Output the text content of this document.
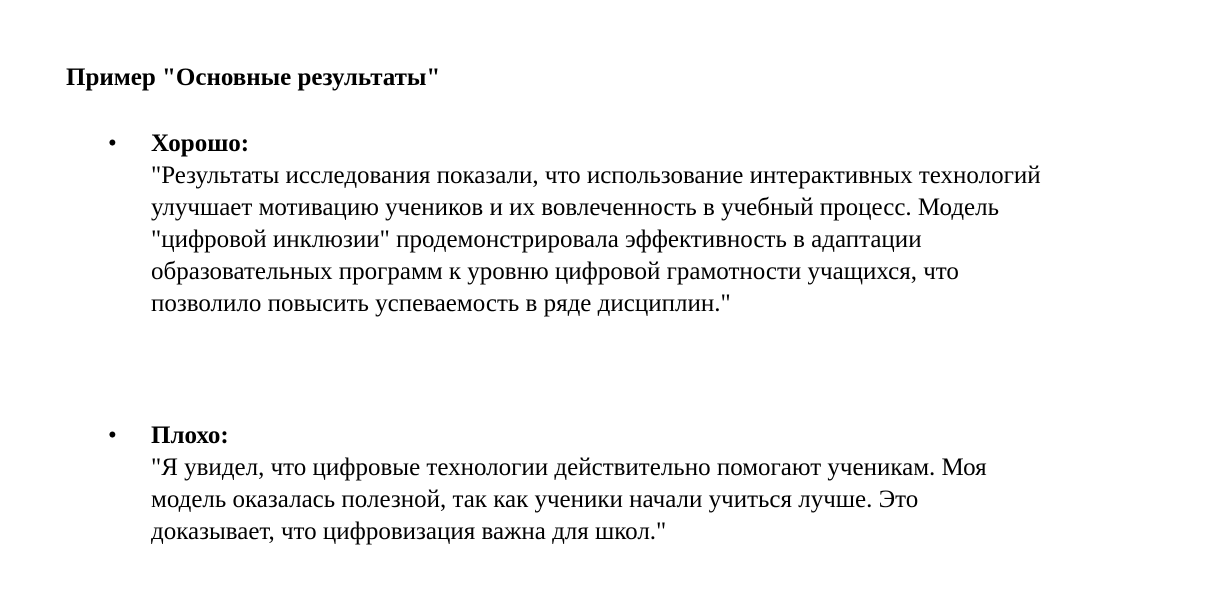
Пример "Основные результаты"
• Хорошо:
"Результаты исследования показали, что использование интерактивных технологий
улучшает мотивацию учеников и их вовлеченность в учебный процесс. Модель
"цифровой инклюзии" продемонстрировала эффективность в адаптации
образовательных программ к уровню цифровой грамотности учащихся, что
позволило повысить успеваемость в ряде дисциплин."
• Плохо:
"Я увидел, что цифровые технологии действительно помогают ученикам. Моя
модель оказалась полезной, так как ученики начали учиться лучше. Это
доказывает, что цифровизация важна для школ."
